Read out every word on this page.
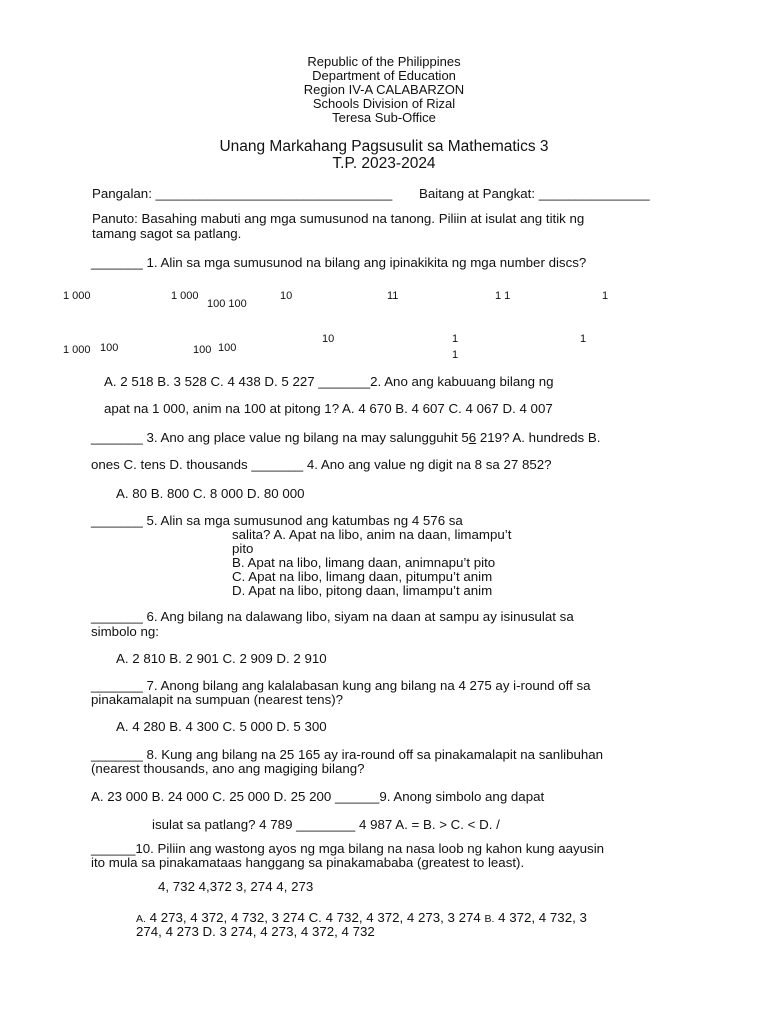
Republic of the Philippines
Department of Education
Region IV-A CALABARZON
Schools Division of Rizal
Teresa Sub-Office
Unang Markahang Pagsusulit sa Mathematics 3
T.P. 2023-2024
Pangalan: ________________________________ Baitang at Pangkat: _______________
Panuto: Basahing mabuti ang mga sumusunod na tanong. Piliin at isulat ang titik ng
tamang sagot sa patlang.
_______ 1. Alin sa mga sumusunod na bilang ang ipinakikita ng mga number discs?
1 000	1 000
100 100
10	11	1 1	1
1 000 100	100 100
10	1
1
1
A. 2 518 B. 3 528 C. 4 438 D. 5 227 _______2. Ano ang kabuuang bilang ng
apat na 1 000, anim na 100 at pitong 1? A. 4 670 B. 4 607 C. 4 067 D. 4 007
_______ 3. Ano ang place value ng bilang na may salungguhit 56 219? A. hundreds B.
ones C. tens D. thousands _______ 4. Ano ang value ng digit na 8 sa 27 852?
A. 80 B. 800 C. 8 000 D. 80 000
_______ 5. Alin sa mga sumusunod ang katumbas ng 4 576 sa
salita? A. Apat na libo, anim na daan, limampu’t
pito
B. Apat na libo, limang daan, animnapu’t pito
C. Apat na libo, limang daan, pitumpu’t anim
D. Apat na libo, pitong daan, limampu’t anim
_______ 6. Ang bilang na dalawang libo, siyam na daan at sampu ay isinusulat sa
simbolo ng:
A. 2 810 B. 2 901 C. 2 909 D. 2 910
_______ 7. Anong bilang ang kalalabasan kung ang bilang na 4 275 ay i-round off sa
pinakamalapit na sumpuan (nearest tens)?
A. 4 280 B. 4 300 C. 5 000 D. 5 300
_______ 8. Kung ang bilang na 25 165 ay ira-round off sa pinakamalapit na sanlibuhan
(nearest thousands, ano ang magiging bilang?
A. 23 000 B. 24 000 C. 25 000 D. 25 200 ______9. Anong simbolo ang dapat
isulat sa patlang? 4 789 ________ 4 987 A. = B. > C. < D. /
______10. Piliin ang wastong ayos ng mga bilang na nasa loob ng kahon kung aayusin
ito mula sa pinakamataas hanggang sa pinakamababa (greatest to least).
4, 732 4,372 3, 274 4, 273
A. 4 273, 4 372, 4 732, 3 274 C. 4 732, 4 372, 4 273, 3 274 B. 4 372, 4 732, 3
274, 4 273 D. 3 274, 4 273, 4 372, 4 732
